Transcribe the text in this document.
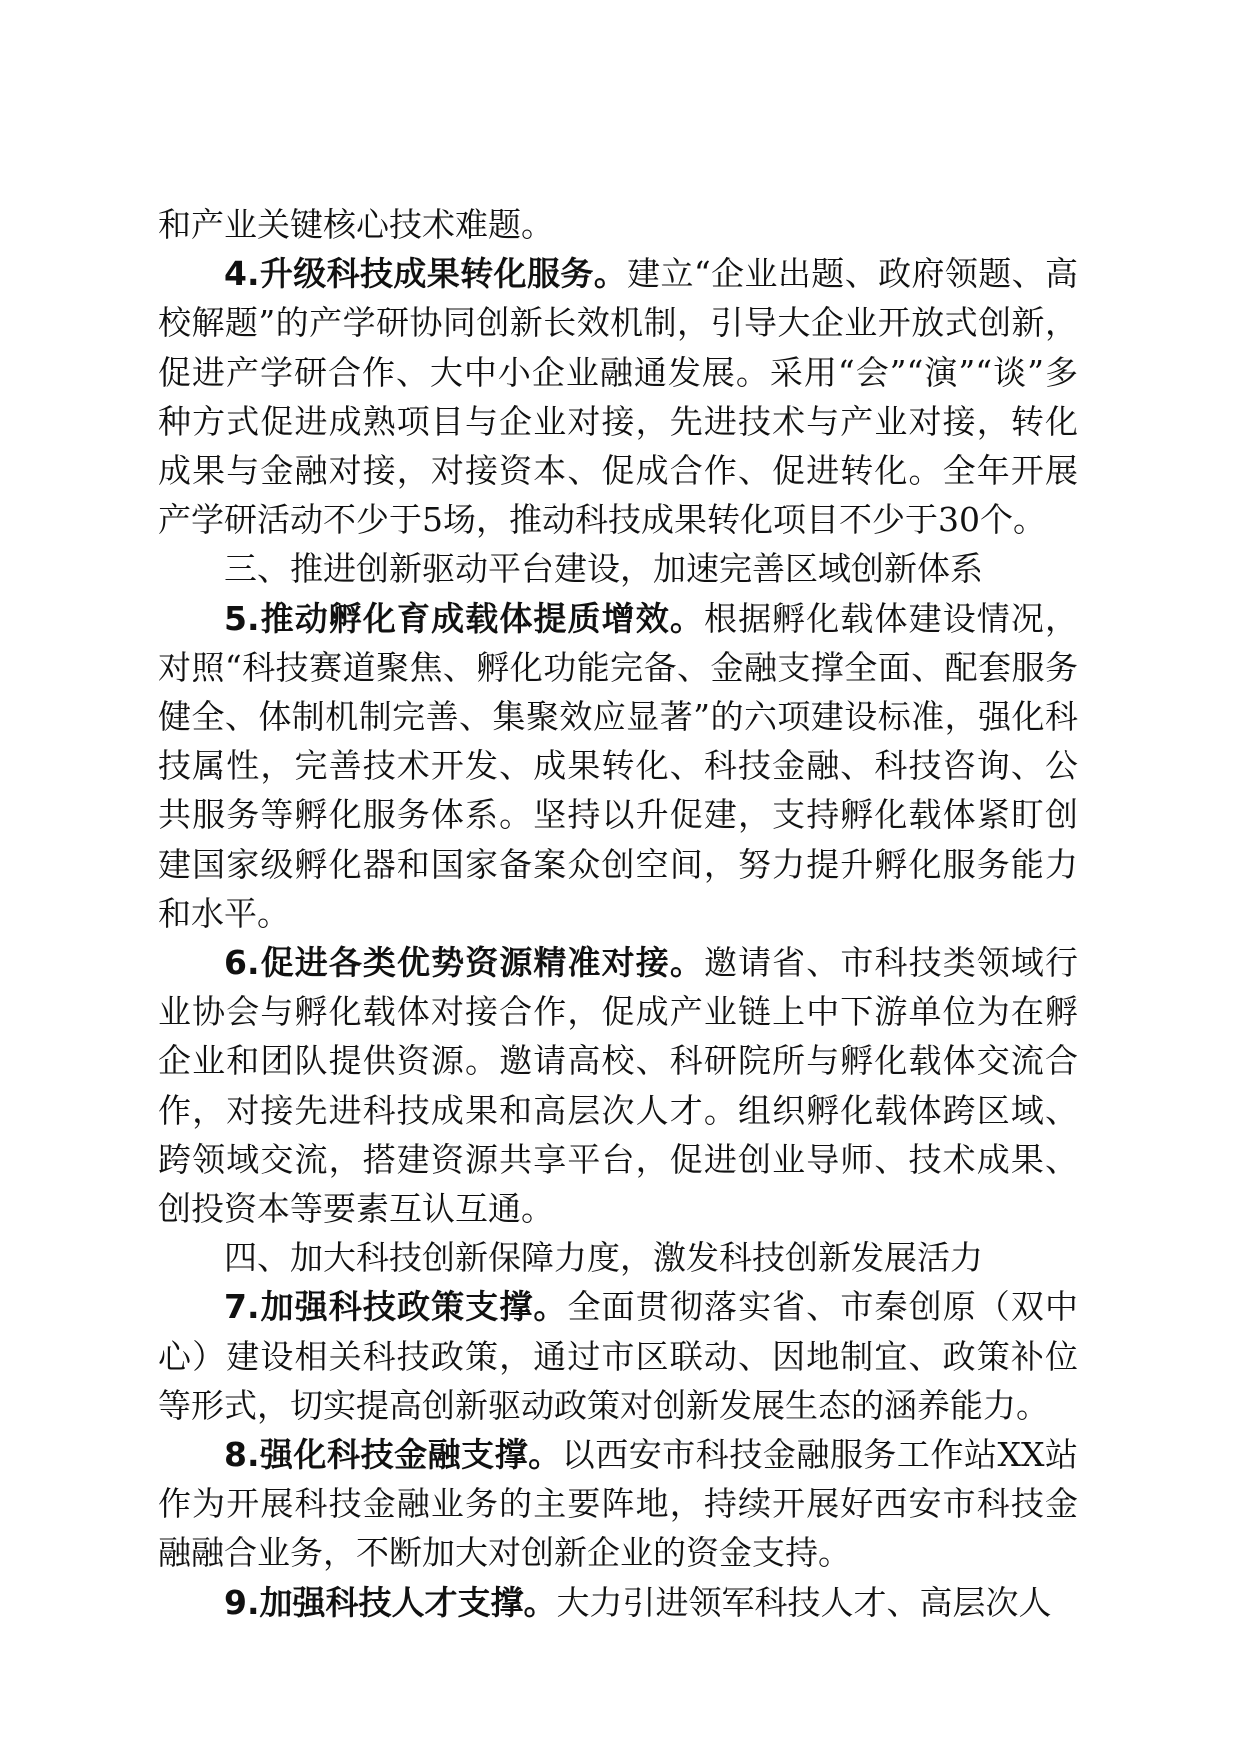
和产业关键核心技术难题。

4.升级科技成果转化服务。建立“企业出题、政府领题、高校解题”的产学研协同创新长效机制，引导大企业开放式创新，促进产学研合作、大中小企业融通发展。采用“会”“演”“谈”多种方式促进成熟项目与企业对接，先进技术与产业对接，转化成果与金融对接，对接资本、促成合作、促进转化。全年开展产学研活动不少于5场，推动科技成果转化项目不少于30个。

三、推进创新驱动平台建设，加速完善区域创新体系

5.推动孵化育成载体提质增效。根据孵化载体建设情况，对照“科技赛道聚焦、孵化功能完备、金融支撑全面、配套服务健全、体制机制完善、集聚效应显著”的六项建设标准，强化科技属性，完善技术开发、成果转化、科技金融、科技咨询、公共服务等孵化服务体系。坚持以升促建，支持孵化载体紧盯创建国家级孵化器和国家备案众创空间，努力提升孵化服务能力和水平。

6.促进各类优势资源精准对接。邀请省、市科技类领域行业协会与孵化载体对接合作，促成产业链上中下游单位为在孵企业和团队提供资源。邀请高校、科研院所与孵化载体交流合作，对接先进科技成果和高层次人才。组织孵化载体跨区域、跨领域交流，搭建资源共享平台，促进创业导师、技术成果、创投资本等要素互认互通。

四、加大科技创新保障力度，激发科技创新发展活力

7.加强科技政策支撑。全面贯彻落实省、市秦创原（双中心）建设相关科技政策，通过市区联动、因地制宜、政策补位等形式，切实提高创新驱动政策对创新发展生态的涵养能力。

8.强化科技金融支撑。以西安市科技金融服务工作站XX站作为开展科技金融业务的主要阵地，持续开展好西安市科技金融融合业务，不断加大对创新企业的资金支持。

9.加强科技人才支撑。大力引进领军科技人才、高层次人
